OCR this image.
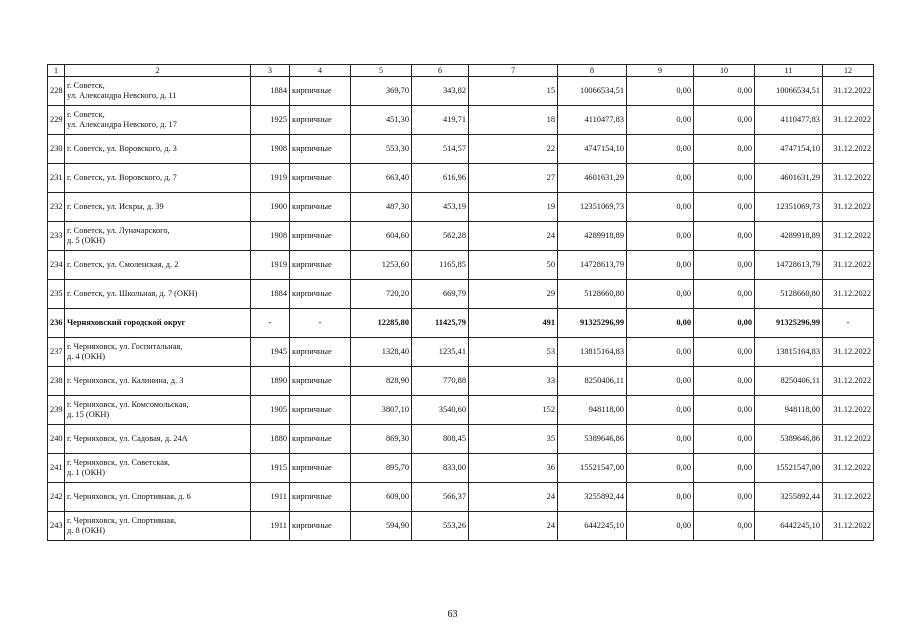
1	2	3	4	5	6	7	8	9	10	11	12
228	г. Советск,
ул. Александра Невского, д. 11	1884	кирпичные	369,70	343,82	15	10066534,51	0,00	0,00	10066534,51	31.12.2022
229	г. Советск,
ул. Александра Невского, д. 17	1925	кирпичные	451,30	419,71	18	4110477,83	0,00	0,00	4110477,83	31.12.2022
230	г. Советск, ул. Воровского, д. 3	1908	кирпичные	553,30	514,57	22	4747154,10	0,00	0,00	4747154,10	31.12.2022
231	г. Советск, ул. Воровского, д. 7	1919	кирпичные	663,40	616,96	27	4601631,29	0,00	0,00	4601631,29	31.12.2022
232	г. Советск, ул. Искры, д. 39	1900	кирпичные	487,30	453,19	19	12351069,73	0,00	0,00	12351069,73	31.12.2022
233	г. Советск, ул. Луначарского,
д. 5 (ОКН)	1908	кирпичные	604,60	562,28	24	4289918,89	0,00	0,00	4289918,89	31.12.2022
234	г. Советск, ул. Смоленская, д. 2	1919	кирпичные	1253,60	1165,85	50	14728613,79	0,00	0,00	14728613,79	31.12.2022
235	г. Советск, ул. Школьная, д. 7 (ОКН)	1884	кирпичные	720,20	669,79	29	5128660,80	0,00	0,00	5128660,80	31.12.2022
236	Черняховский городской округ	-	-	12285,80	11425,79	491	91325296,99	0,00	0,00	91325296,99	-
237	г. Черняховск, ул. Госпитальная,
д. 4 (ОКН)	1945	кирпичные	1328,40	1235,41	53	13815164,83	0,00	0,00	13815164,83	31.12.2022
238	г. Черняховск, ул. Калинина, д. 3	1890	кирпичные	828,90	770,88	33	8250406,11	0,00	0,00	8250406,11	31.12.2022
239	г. Черняховск, ул. Комсомольская,
д. 15 (ОКН)	1905	кирпичные	3807,10	3540,60	152	948118,00	0,00	0,00	948118,00	31.12.2022
240	г. Черняховск, ул. Садовая, д. 24А	1880	кирпичные	869,30	808,45	35	5389646,86	0,00	0,00	5389646,86	31.12.2022
241	г. Черняховск, ул. Советская,
д. 1 (ОКН)	1915	кирпичные	895,70	833,00	36	15521547,00	0,00	0,00	15521547,00	31.12.2022
242	г. Черняховск, ул. Спортивная, д. 6	1911	кирпичные	609,00	566,37	24	3255892,44	0,00	0,00	3255892,44	31.12.2022
243	г. Черняховск, ул. Спортивная,
д. 8 (ОКН)	1911	кирпичные	594,90	553,26	24	6442245,10	0,00	0,00	6442245,10	31.12.2022
63
